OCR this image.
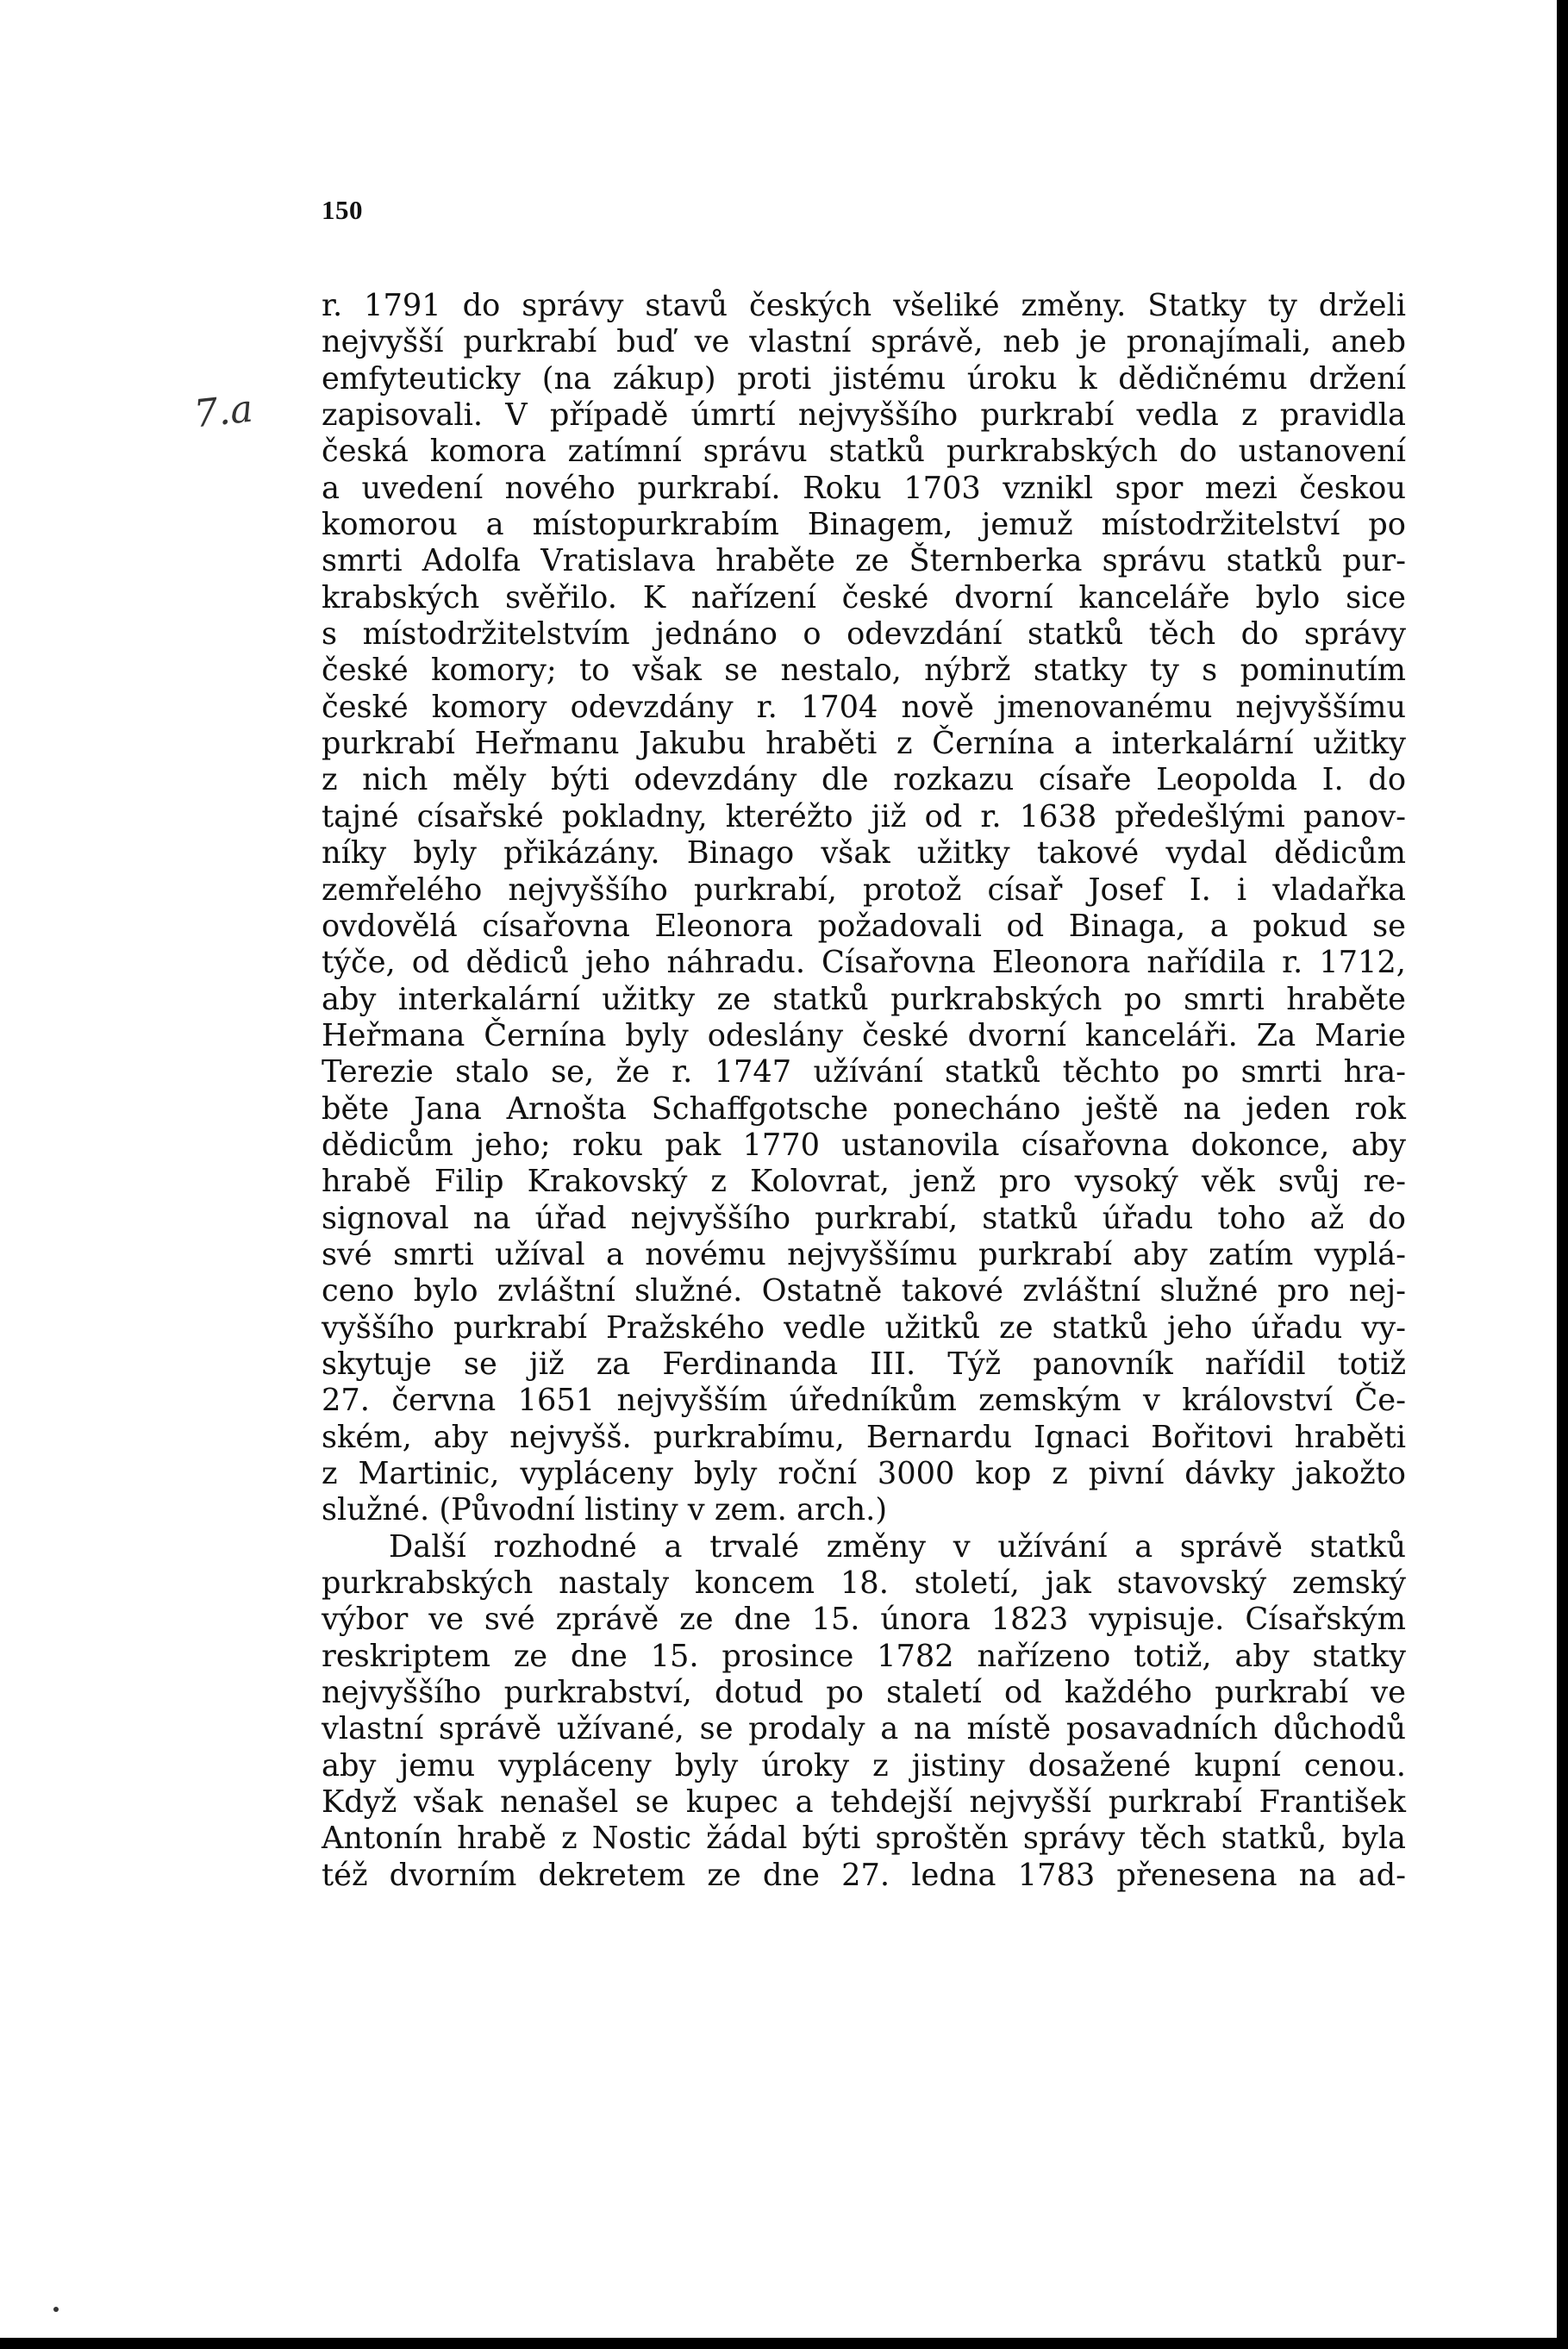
150
7.a
r. 1791 do správy stavů českých všeliké změny. Statky ty drželi
nejvyšší purkrabí buď ve vlastní správě, neb je pronajímali, aneb
emfyteuticky (na zákup) proti jistému úroku k dědičnému držení
zapisovali. V případě úmrtí nejvyššího purkrabí vedla z pravidla
česká komora zatímní správu statků purkrabských do ustanovení
a uvedení nového purkrabí. Roku 1703 vznikl spor mezi českou
komorou a místopurkrabím Binagem, jemuž místodržitelství po
smrti Adolfa Vratislava hraběte ze Šternberka správu statků pur-
krabských svěřilo. K nařízení české dvorní kanceláře bylo sice
s místodržitelstvím jednáno o odevzdání statků těch do správy
české komory; to však se nestalo, nýbrž statky ty s pominutím
české komory odevzdány r. 1704 nově jmenovanému nejvyššímu
purkrabí Heřmanu Jakubu hraběti z Černína a interkalární užitky
z nich měly býti odevzdány dle rozkazu císaře Leopolda I. do
tajné císařské pokladny, kteréžto již od r. 1638 předešlými panov-
níky byly přikázány. Binago však užitky takové vydal dědicům
zemřelého nejvyššího purkrabí, protož císař Josef I. i vladařka
ovdovělá císařovna Eleonora požadovali od Binaga, a pokud se
týče, od dědiců jeho náhradu. Císařovna Eleonora nařídila r. 1712,
aby interkalární užitky ze statků purkrabských po smrti hraběte
Heřmana Černína byly odeslány české dvorní kanceláři. Za Marie
Terezie stalo se, že r. 1747 užívání statků těchto po smrti hra-
běte Jana Arnošta Schaffgotsche ponecháno ještě na jeden rok
dědicům jeho; roku pak 1770 ustanovila císařovna dokonce, aby
hrabě Filip Krakovský z Kolovrat, jenž pro vysoký věk svůj re-
signoval na úřad nejvyššího purkrabí, statků úřadu toho až do
své smrti užíval a novému nejvyššímu purkrabí aby zatím vyplá-
ceno bylo zvláštní služné. Ostatně takové zvláštní služné pro nej-
vyššího purkrabí Pražského vedle užitků ze statků jeho úřadu vy-
skytuje se již za Ferdinanda III. Týž panovník nařídil totiž
27. června 1651 nejvyšším úředníkům zemským v království Če-
ském, aby nejvyšš. purkrabímu, Bernardu Ignaci Bořitovi hraběti
z Martinic, vypláceny byly roční 3000 kop z pivní dávky jakožto
služné. (Původní listiny v zem. arch.)
Další rozhodné a trvalé změny v užívání a správě statků
purkrabských nastaly koncem 18. století, jak stavovský zemský
výbor ve své zprávě ze dne 15. února 1823 vypisuje. Císařským
reskriptem ze dne 15. prosince 1782 nařízeno totiž, aby statky
nejvyššího purkrabství, dotud po staletí od každého purkrabí ve
vlastní správě užívané, se prodaly a na místě posavadních důchodů
aby jemu vypláceny byly úroky z jistiny dosažené kupní cenou.
Když však nenašel se kupec a tehdejší nejvyšší purkrabí František
Antonín hrabě z Nostic žádal býti sproštěn správy těch statků, byla
též dvorním dekretem ze dne 27. ledna 1783 přenesena na ad-
